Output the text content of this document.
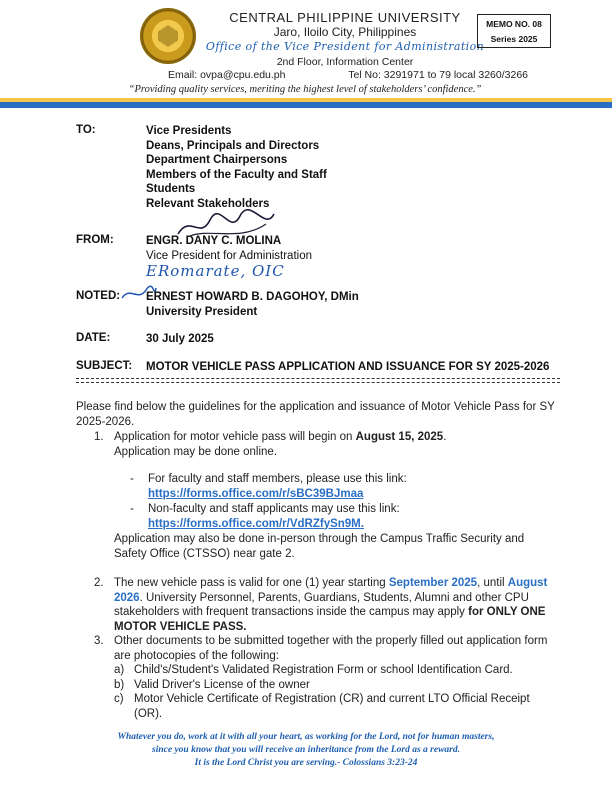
CENTRAL PHILIPPINE UNIVERSITY
Jaro, Iloilo City, Philippines
Office of the Vice President for Administration
2nd Floor, Information Center
Email: ovpa@cpu.edu.ph	Tel No: 3291971 to 79 local 3260/3266
“Providing quality services, meriting the highest level of stakeholders’ confidence.”
MEMO NO. 08
Series 2025
TO:	Vice Presidents
Deans, Principals and Directors
Department Chairpersons
Members of the Faculty and Staff
Students
Relevant Stakeholders
FROM:	ENGR. DANY C. MOLINA
Vice President for Administration
ERomarate, OIC
NOTED: ERNEST HOWARD B. DAGOHOY, DMin
University President
DATE:	30 July 2025
SUBJECT: MOTOR VEHICLE PASS APPLICATION AND ISSUANCE FOR SY 2025-2026
Please find below the guidelines for the application and issuance of Motor Vehicle Pass for SY 2025-2026.
1. Application for motor vehicle pass will begin on August 15, 2025.
Application may be done online.
-	For faculty and staff members, please use this link: https://forms.office.com/r/sBC39BJmaa
-	Non-faculty and staff applicants may use this link: https://forms.office.com/r/VdRZfySn9M.
Application may also be done in-person through the Campus Traffic Security and Safety Office (CTSSO) near gate 2.
2. The new vehicle pass is valid for one (1) year starting September 2025, until August 2026. University Personnel, Parents, Guardians, Students, Alumni and other CPU stakeholders with frequent transactions inside the campus may apply for ONLY ONE MOTOR VEHICLE PASS.
3. Other documents to be submitted together with the properly filled out application form are photocopies of the following:
a) Child's/Student's Validated Registration Form or school Identification Card.
b) Valid Driver's License of the owner
c) Motor Vehicle Certificate of Registration (CR) and current LTO Official Receipt (OR).
Whatever you do, work at it with all your heart, as working for the Lord, not for human masters,
since you know that you will receive an inheritance from the Lord as a reward.
It is the Lord Christ you are serving.- Colossians 3:23-24
